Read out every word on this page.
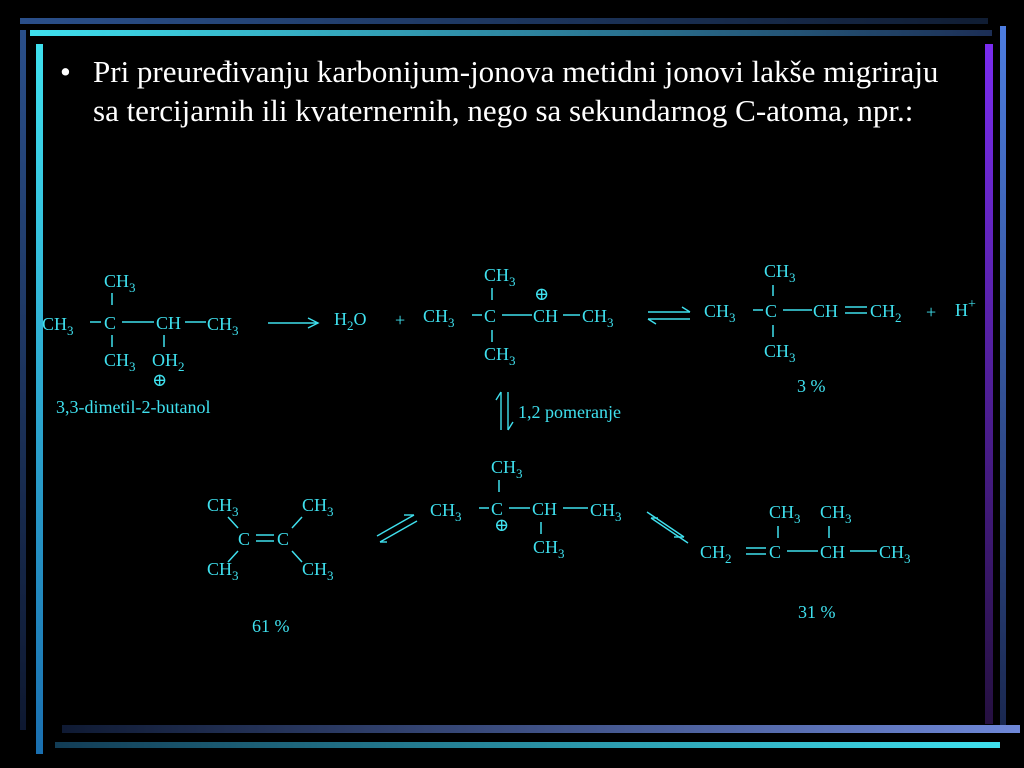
• Pri preuređivanju karbonijum-jonova metidni jonovi lakše migriraju sa tercijarnih ili kvaternernih, nego sa sekundarnog C-atoma, npr.:
$CH_3$
$CH_3$ C CH $CH_3$
$CH_3$ $OH_2$
⊕
3,3-dimetil-2-butanol
$H_2O$ +
$CH_3$
⊕
$CH_3$ C CH $CH_3$
$CH_3$
$CH_3$
$CH_3$ C CH $CH_2$
$CH_3$
+ H+
3 %
1,2 pomeranje
$CH_3$
$CH_3$ C CH $CH_3$
⊕
$CH_3$
$CH_3$	$CH_3$
C C
$CH_3$	$CH_3$
61 %
$CH_3$ $CH_3$
$CH_2$ C CH $CH_3$
31 %
